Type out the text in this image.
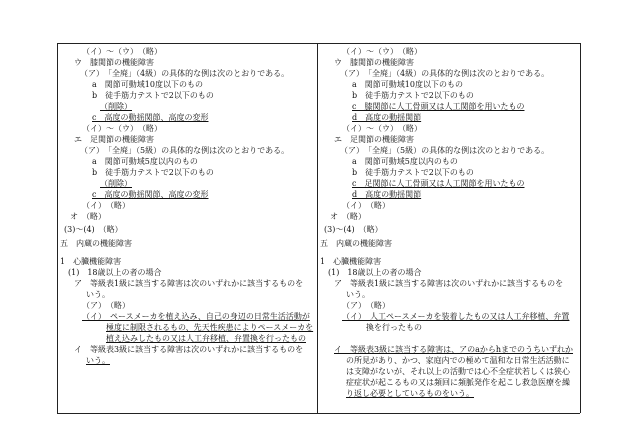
（イ）～（ウ）　（略）
ウ　膝関節の機能障害
（ア）　「全廃」（4級）の具体的な例は次のとおりである。
a　関節可動域10度以下のもの
b　徒手筋力テストで2以下のもの
（削除）
c　高度の動揺関節、高度の変形
（イ）～（ウ）　（略）
エ　足関節の機能障害
（ア）　「全廃」（5級）の具体的な例は次のとおりである。
a　関節可動域5度以内のもの
b　徒手筋力テストで2以下のもの
（削除）
c　高度の動揺関節、高度の変形
（イ）　（略）
オ　（略）
(3)～(4)　（略）
五　内蔵の機能障害
1　心臓機能障害
(1)　18歳以上の者の場合
ア　等級表1級に該当する障害は次のいずれかに該当するものを
いう。
（ア）　（略）
（イ）　ペースメーカを植え込み、自己の身辺の日常生活活動が
極度に制限されるもの、先天性疾患によりペースメーカを
植え込みしたもの又は人工弁移植、弁置換を行ったもの
イ　等級表3級に該当する障害は次のいずれかに該当するものを
いう。
（イ）～（ウ）　（略）
ウ　膝関節の機能障害
（ア）　「全廃」（4級）の具体的な例は次のとおりである。
a　関節可動域10度以下のもの
b　徒手筋力テストで2以下のもの
c　膝関節に人工骨頭又は人工関節を用いたもの
d　高度の動揺関節
（イ）～（ウ）　（略）
エ　足関節の機能障害
（ア）　「全廃」（5級）の具体的な例は次のとおりである。
a　関節可動域5度以内のもの
b　徒手筋力テストで2以下のもの
c　足関節に人工骨頭又は人工関節を用いたもの
d　高度の動揺関節
（イ）　（略）
オ　（略）
(3)～(4)　（略）
五　内蔵の機能障害
1　心臓機能障害
(1)　18歳以上の者の場合
ア　等級表1級に該当する障害は次のいずれかに該当するものを
いう。
（ア）　（略）
（イ）　人工ペースメーカを装着したもの又は人工弁移植、弁置
換を行ったもの
イ　等級表3級に該当する障害は、アのaからhまでのうちいずれか
の所見があり、かつ、家庭内での極めて温和な日常生活活動に
は支障がないが、それ以上の活動では心不全症状若しくは狭心
症症状が起こるもの又は頻回に頻脈発作を起こし救急医療を繰
り返し必要としているものをいう。
